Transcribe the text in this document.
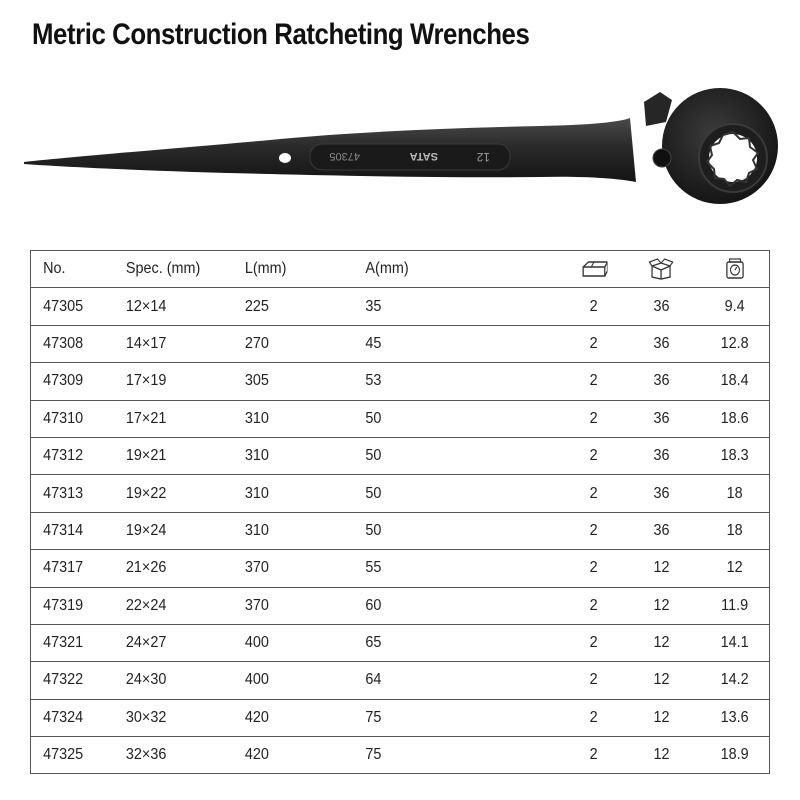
Metric Construction Ratcheting Wrenches
47305	SATA	12
No.	Spec. (mm)	L(mm)	A(mm)			
47305	12×14	225	35	2	36	9.4
47308	14×17	270	45	2	36	12.8
47309	17×19	305	53	2	36	18.4
47310	17×21	310	50	2	36	18.6
47312	19×21	310	50	2	36	18.3
47313	19×22	310	50	2	36	18
47314	19×24	310	50	2	36	18
47317	21×26	370	55	2	12	12
47319	22×24	370	60	2	12	11.9
47321	24×27	400	65	2	12	14.1
47322	24×30	400	64	2	12	14.2
47324	30×32	420	75	2	12	13.6
47325	32×36	420	75	2	12	18.9
